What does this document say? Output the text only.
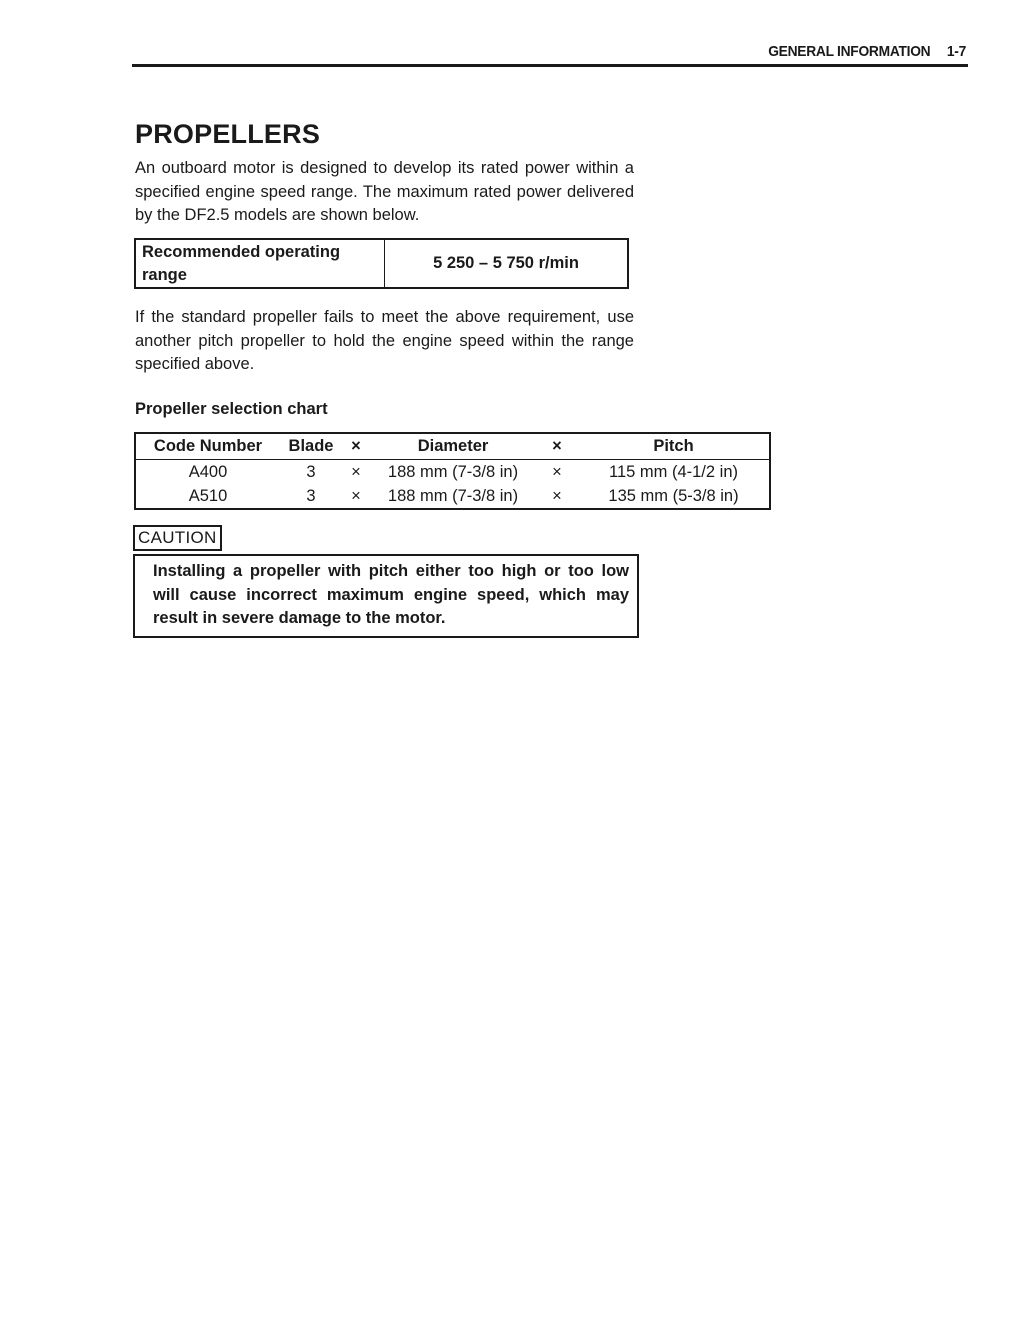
GENERAL INFORMATION 1-7
PROPELLERS

An outboard motor is designed to develop its rated power within a specified engine speed range. The maximum rated power delivered by the DF2.5 models are shown below.

Recommended operating range	5 250 – 5 750 r/min

If the standard propeller fails to meet the above requirement, use another pitch propeller to hold the engine speed within the range specified above.

Propeller selection chart
Code Number	Blade	×	Diameter	×	Pitch
A400	3	×	188 mm (7-3/8 in)	×	115 mm (4-1/2 in)
A510	3	×	188 mm (7-3/8 in)	×	135 mm (5-3/8 in)
CAUTION

Installing a propeller with pitch either too high or too low will cause incorrect maximum engine speed, which may result in severe damage to the motor.
